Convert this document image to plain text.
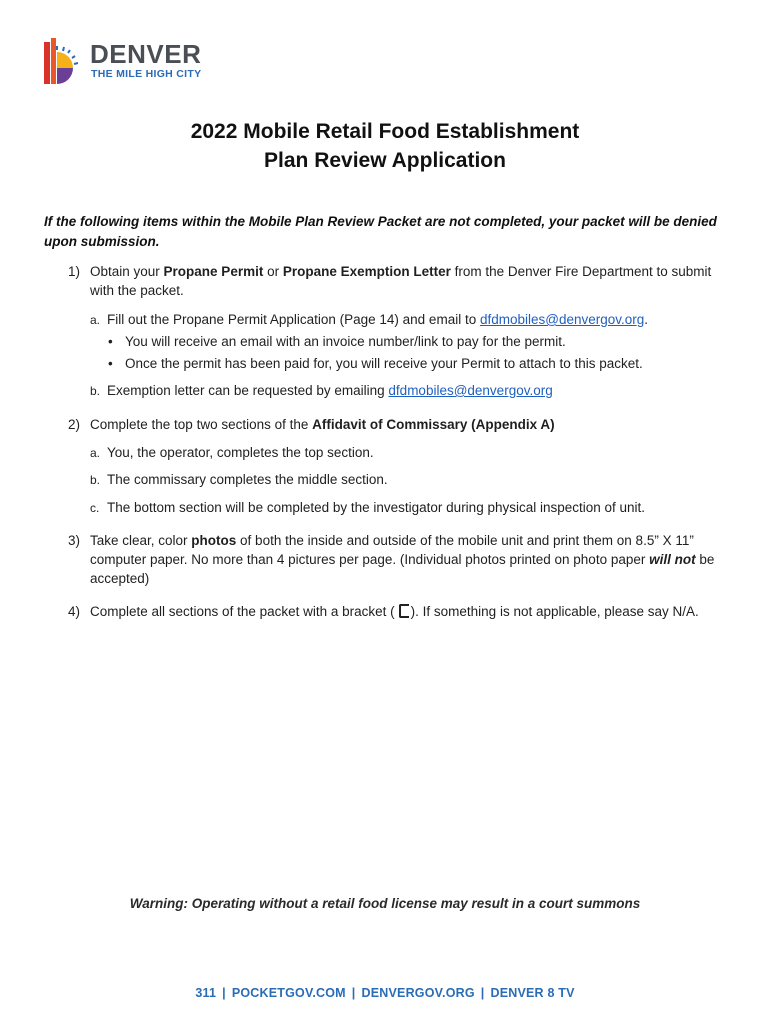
DENVER
THE MILE HIGH CITY
2022 Mobile Retail Food Establishment
Plan Review Application
If the following items within the Mobile Plan Review Packet are not completed, your packet will be denied upon submission.
1) Obtain your Propane Permit or Propane Exemption Letter from the Denver Fire Department to submit with the packet.
a. Fill out the Propane Permit Application (Page 14) and email to dfdmobiles@denvergov.org.
• You will receive an email with an invoice number/link to pay for the permit.
• Once the permit has been paid for, you will receive your Permit to attach to this packet.
b. Exemption letter can be requested by emailing dfdmobiles@denvergov.org
2) Complete the top two sections of the Affidavit of Commissary (Appendix A)
a. You, the operator, completes the top section.
b. The commissary completes the middle section.
c. The bottom section will be completed by the investigator during physical inspection of unit.
3) Take clear, color photos of both the inside and outside of the mobile unit and print them on 8.5” X 11” computer paper. No more than 4 pictures per page. (Individual photos printed on photo paper will not be accepted)
4) Complete all sections of the packet with a bracket ( ). If something is not applicable, please say N/A.
Warning: Operating without a retail food license may result in a court summons
311 | POCKETGOV.COM | DENVERGOV.ORG | DENVER 8 TV
